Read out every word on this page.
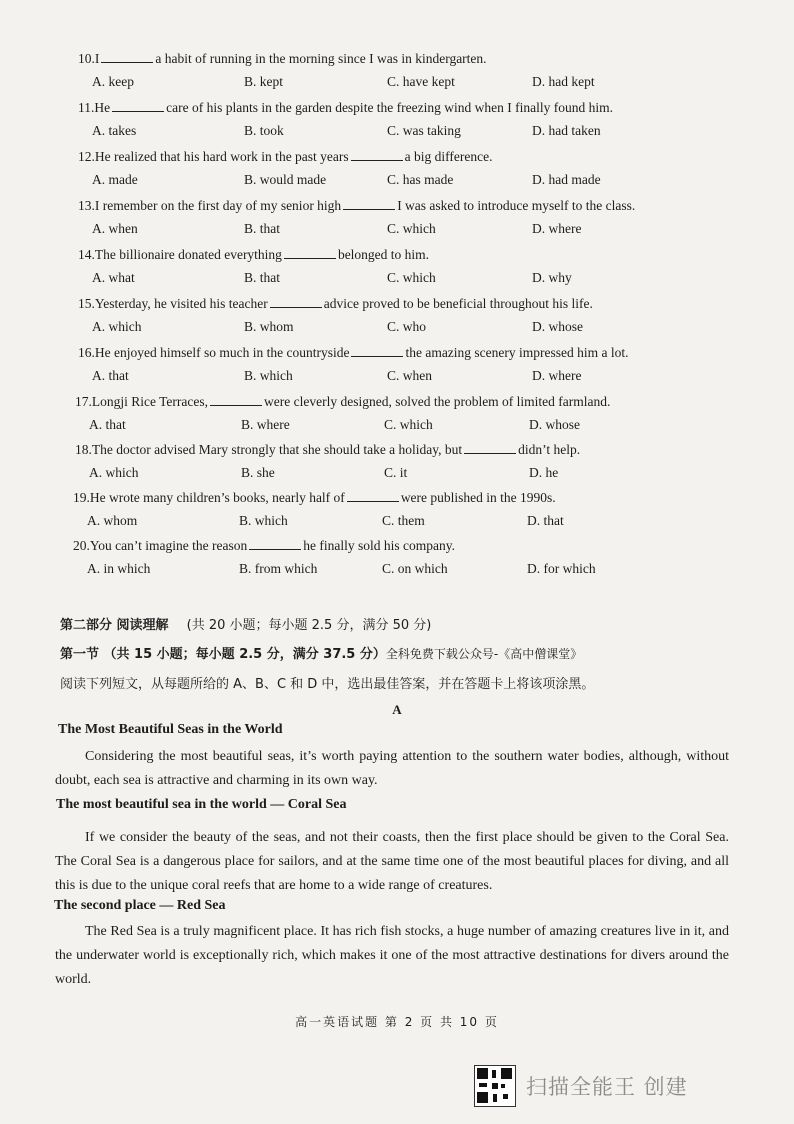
10.I	a habit of running in the morning since I was in kindergarten.
A. keep	B. kept	C. have kept	D. had kept
11.He	care of his plants in the garden despite the freezing wind when I finally found him.
A. takes	B. took	C. was taking	D. had taken
12.He realized that his hard work in the past years	a big difference.
A. made	B. would made	C. has made	D. had made
13.I remember on the first day of my senior high	I was asked to introduce myself to the class.
A. when	B. that	C. which	D. where
14.The billionaire donated everything	belonged to him.
A. what	B. that	C. which	D. why
15.Yesterday, he visited his teacher	advice proved to be beneficial throughout his life.
A. which	B. whom	C. who	D. whose
16.He enjoyed himself so much in the countryside	the amazing scenery impressed him a lot.
A. that	B. which	C. when	D. where
17.Longji Rice Terraces,	were cleverly designed, solved the problem of limited farmland.
A. that	B. where	C. which	D. whose
18.The doctor advised Mary strongly that she should take a holiday, but	didn’t help.
A. which	B. she	C. it	D. he
19.He wrote many children’s books, nearly half of	were published in the 1990s.
A. whom	B. which	C. them	D. that
20.You can’t imagine the reason	he finally sold his company.
A. in which	B. from which	C. on which	D. for which
第二部分 阅读理解 (共 20 小题；每小题 2.5 分，满分 50 分)
第一节 （共 15 小题；每小题 2.5 分，满分 37.5 分）全科免费下载公众号-《高中僧课堂》
阅读下列短文，从每题所给的 A、B、C 和 D 中，选出最佳答案，并在答题卡上将该项涂黑。
A
The Most Beautiful Seas in the World
Considering the most beautiful seas, it’s worth paying attention to the southern water bodies, although, without doubt, each sea is attractive and charming in its own way.
The most beautiful sea in the world — Coral Sea
If we consider the beauty of the seas, and not their coasts, then the first place should be given to the Coral Sea. The Coral Sea is a dangerous place for sailors, and at the same time one of the most beautiful places for diving, and all this is due to the unique coral reefs that are home to a wide range of creatures.
The second place — Red Sea
The Red Sea is a truly magnificent place. It has rich fish stocks, a huge number of amazing creatures live in it, and the underwater world is exceptionally rich, which makes it one of the most attractive destinations for divers around the world.
高一英语试题 第 2 页 共 10 页
扫描全能王 创建
